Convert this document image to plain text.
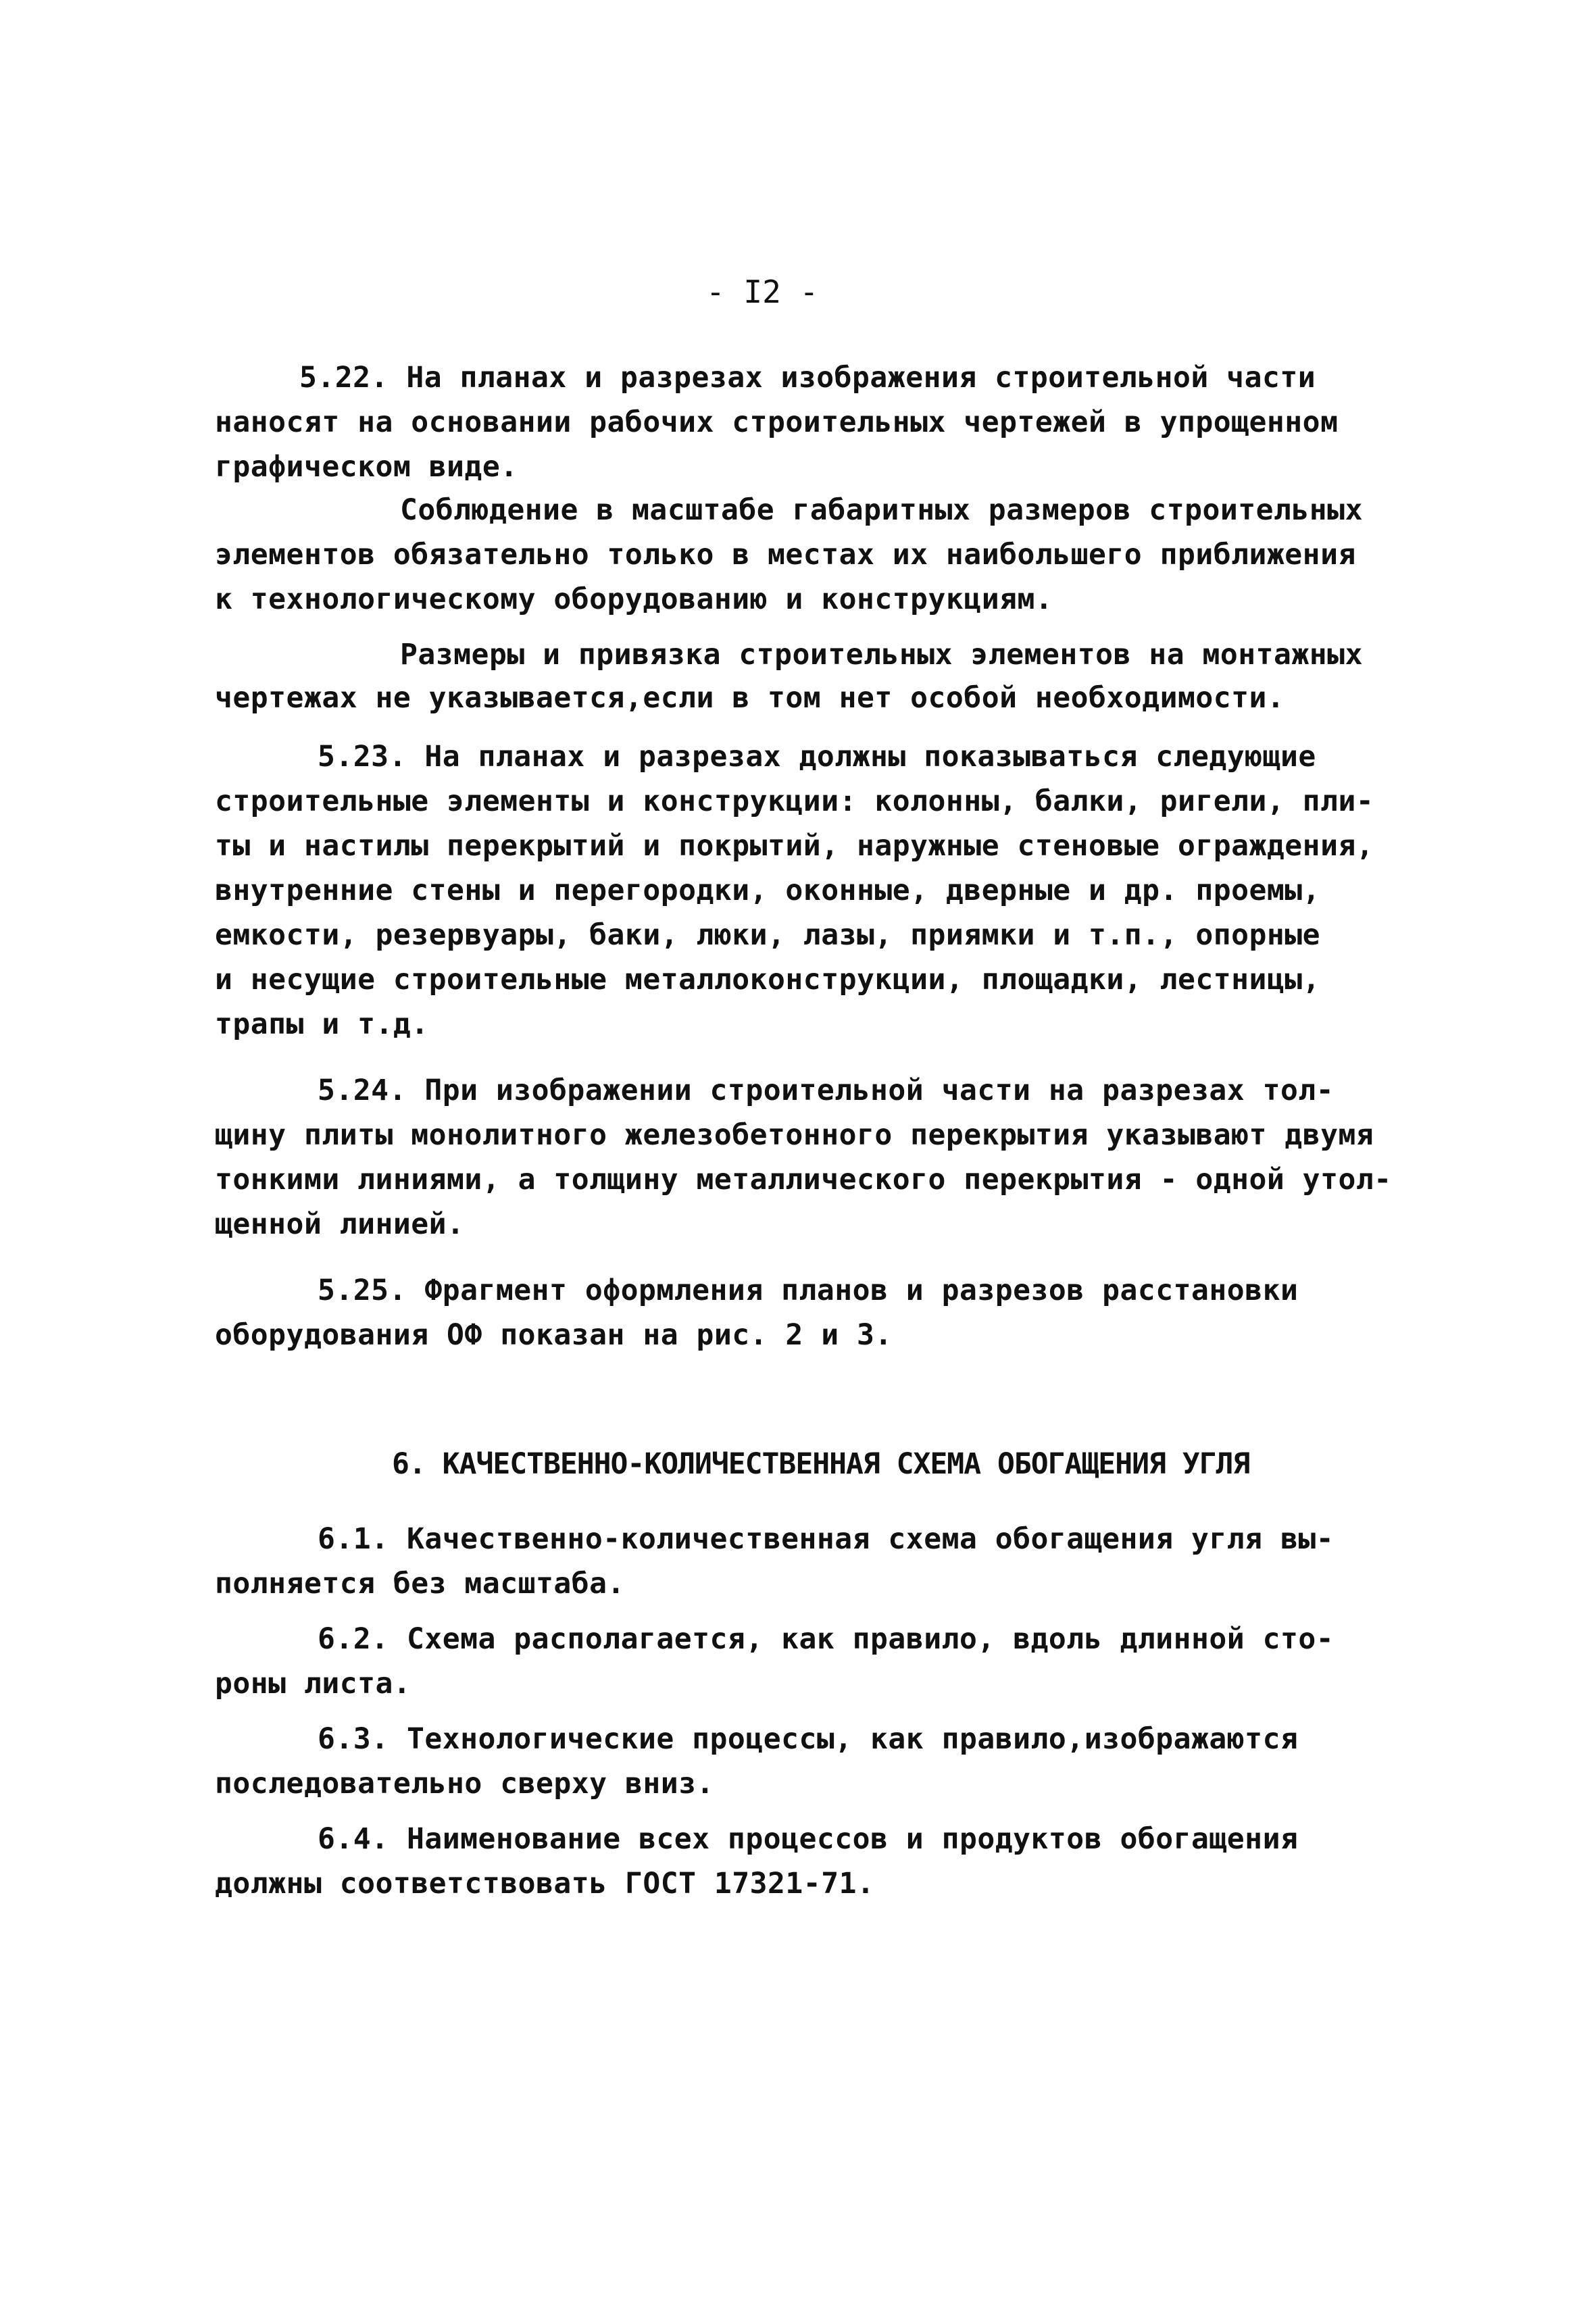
- I2 -
5.22. На планах и разрезах изображения строительной части
наносят на основании рабочих строительных чертежей в упрощенном
графическом виде.
Соблюдение в масштабе габаритных размеров строительных
элементов обязательно только в местах их наибольшего приближения
к технологическому оборудованию и конструкциям.
Размеры и привязка строительных элементов на монтажных
чертежах не указывается,если в том нет особой необходимости.
5.23. На планах и разрезах должны показываться следующие
строительные элементы и конструкции: колонны, балки, ригели, пли-
ты и настилы перекрытий и покрытий, наружные стеновые ограждения,
внутренние стены и перегородки, оконные, дверные и др. проемы,
емкости, резервуары, баки, люки, лазы, приямки и т.п., опорные
и несущие строительные металлоконструкции, площадки, лестницы,
трапы и т.д.
5.24. При изображении строительной части на разрезах тол-
щину плиты монолитного железобетонного перекрытия указывают двумя
тонкими линиями, а толщину металлического перекрытия - одной утол-
щенной линией.
5.25. Фрагмент оформления планов и разрезов расстановки
оборудования ОФ показан на рис. 2 и 3.
6. КАЧЕСТВЕННО-КОЛИЧЕСТВЕННАЯ СХЕМА ОБОГАЩЕНИЯ УГЛЯ
6.1. Качественно-количественная схема обогащения угля вы-
полняется без масштаба.
6.2. Схема располагается, как правило, вдоль длинной сто-
роны листа.
6.3. Технологические процессы, как правило,изображаются
последовательно сверху вниз.
6.4. Наименование всех процессов и продуктов обогащения
должны соответствовать ГОСТ 17321-71.
